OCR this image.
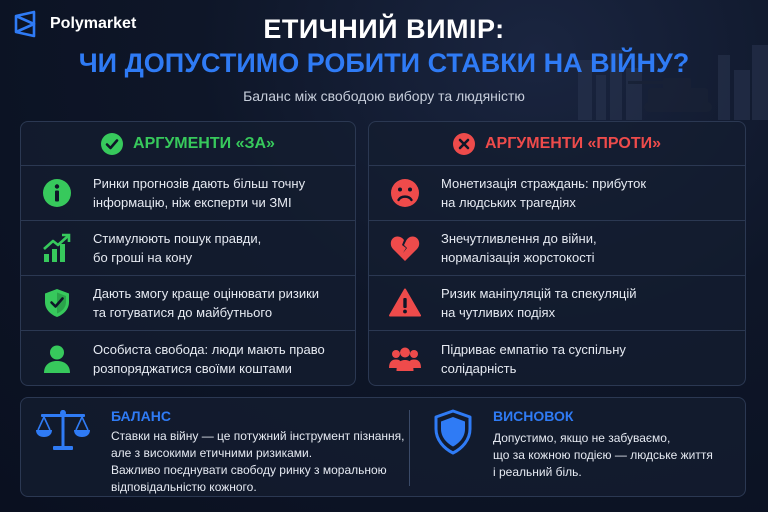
Polymarket	ЕТИЧНИЙ ВИМІР:
ЧИ ДОПУСТИМО РОБИТИ СТАВКИ НА ВІЙНУ?
Баланс між свободою вибору та людяністю
АРГУМЕНТИ «ЗА»
Ринки прогнозів дають більш точну
інформацію, ніж експерти чи ЗМІ
Стимулюють пошук правди,
бо гроші на кону
Дають змогу краще оцінювати ризики
та готуватися до майбутнього
Особиста свобода: люди мають право
розпоряджатися своїми коштами
АРГУМЕНТИ «ПРОТИ»
Монетизація страждань: прибуток
на людських трагедіях
Знечутливлення до війни,
нормалізація жорстокості
Ризик маніпуляцій та спекуляцій
на чутливих подіях
Підриває емпатію та суспільну
солідарність
БАЛАНС
Ставки на війну — це потужний інструмент пізнання,
але з високими етичними ризиками.
Важливо поєднувати свободу ринку з моральною
відповідальністю кожного.
ВИСНОВОК
Допустимо, якщо не забуваємо,
що за кожною подією — людське життя
і реальний біль.
